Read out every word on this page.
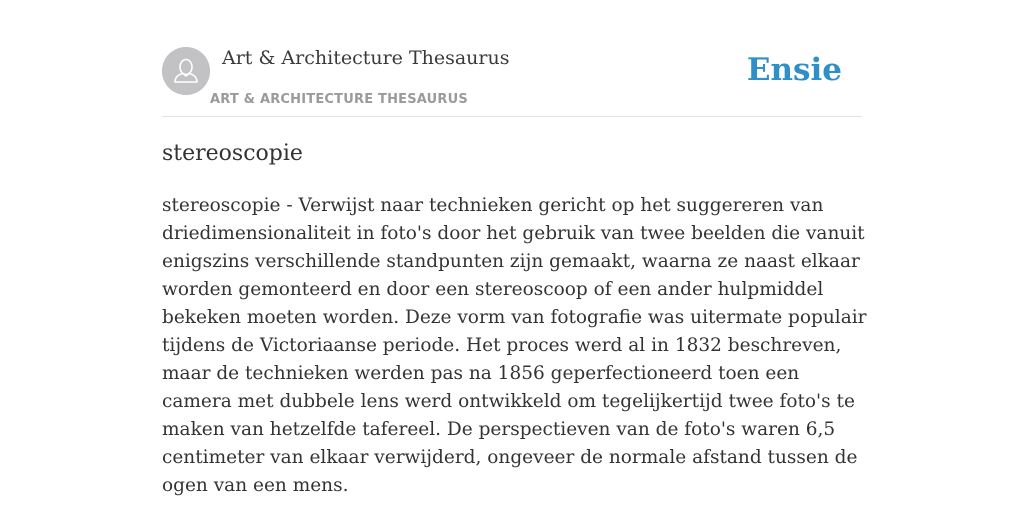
Art & Architecture Thesaurus
ART & ARCHITECTURE THESAURUS
Ensie
stereoscopie

stereoscopie - Verwijst naar technieken gericht op het suggereren van driedimensionaliteit in foto's door het gebruik van twee beelden die vanuit enigszins verschillende standpunten zijn gemaakt, waarna ze naast elkaar worden gemonteerd en door een stereoscoop of een ander hulpmiddel bekeken moeten worden. Deze vorm van fotografie was uitermate populair tijdens de Victoriaanse periode. Het proces werd al in 1832 beschreven, maar de technieken werden pas na 1856 geperfectioneerd toen een camera met dubbele lens werd ontwikkeld om tegelijkertijd twee foto's te maken van hetzelfde tafereel. De perspectieven van de foto's waren 6,5 centimeter van elkaar verwijderd, ongeveer de normale afstand tussen de ogen van een mens.
